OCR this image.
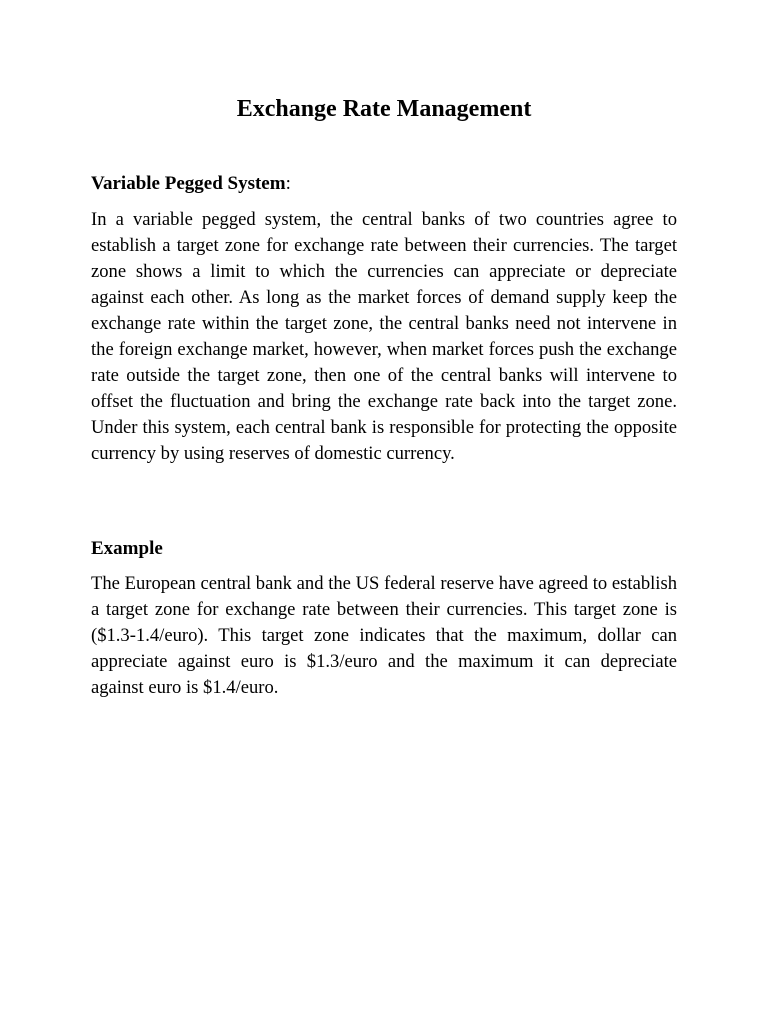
Exchange Rate Management

Variable Pegged System:

In a variable pegged system, the central banks of two countries agree to establish a target zone for exchange rate between their currencies. The target zone shows a limit to which the currencies can appreciate or depreciate against each other. As long as the market forces of demand supply keep the exchange rate within the target zone, the central banks need not intervene in the foreign exchange market, however, when market forces push the exchange rate outside the target zone, then one of the central banks will intervene to offset the fluctuation and bring the exchange rate back into the target zone. Under this system, each central bank is responsible for protecting the opposite currency by using reserves of domestic currency.

Example

The European central bank and the US federal reserve have agreed to establish a target zone for exchange rate between their currencies. This target zone is ($1.3-1.4/euro). This target zone indicates that the maximum, dollar can appreciate against euro is $1.3/euro and the maximum it can depreciate against euro is $1.4/euro.
